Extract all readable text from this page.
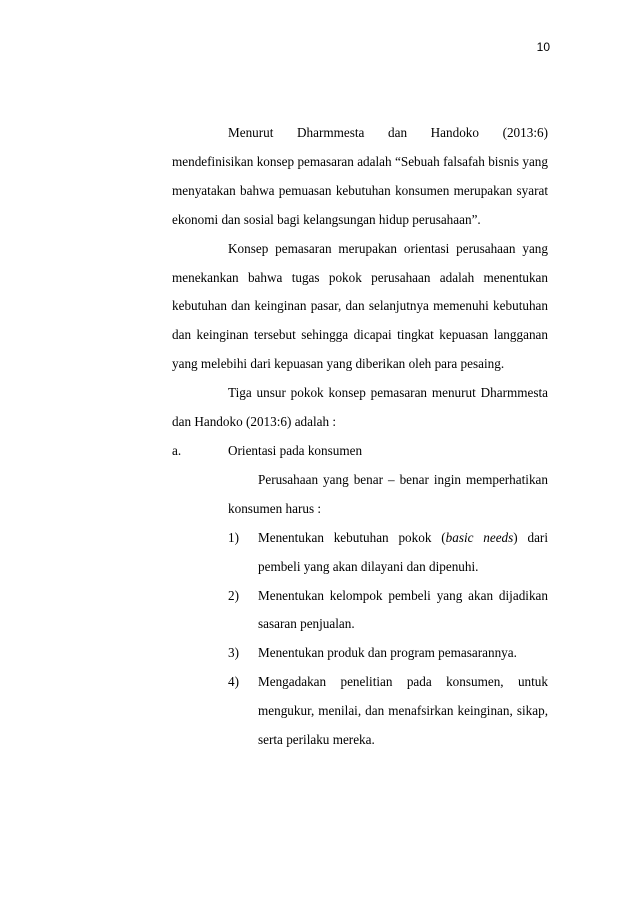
10

Menurut Dharmmesta dan Handoko (2013:6) mendefinisikan konsep pemasaran adalah “Sebuah falsafah bisnis yang menyatakan bahwa pemuasan kebutuhan konsumen merupakan syarat ekonomi dan sosial bagi kelangsungan hidup perusahaan”.

Konsep pemasaran merupakan orientasi perusahaan yang menekankan bahwa tugas pokok perusahaan adalah menentukan kebutuhan dan keinginan pasar, dan selanjutnya memenuhi kebutuhan dan keinginan tersebut sehingga dicapai tingkat kepuasan langganan yang melebihi dari kepuasan yang diberikan oleh para pesaing.

Tiga unsur pokok konsep pemasaran menurut Dharmmesta dan Handoko (2013:6) adalah :

a.	Orientasi pada konsumen

Perusahaan yang benar – benar ingin memperhatikan konsumen harus :

1)	Menentukan kebutuhan pokok (basic needs) dari pembeli yang akan dilayani dan dipenuhi.
2)	Menentukan kelompok pembeli yang akan dijadikan sasaran penjualan.
3)	Menentukan produk dan program pemasarannya.
4)	Mengadakan penelitian pada konsumen, untuk mengukur, menilai, dan menafsirkan keinginan, sikap, serta perilaku mereka.
